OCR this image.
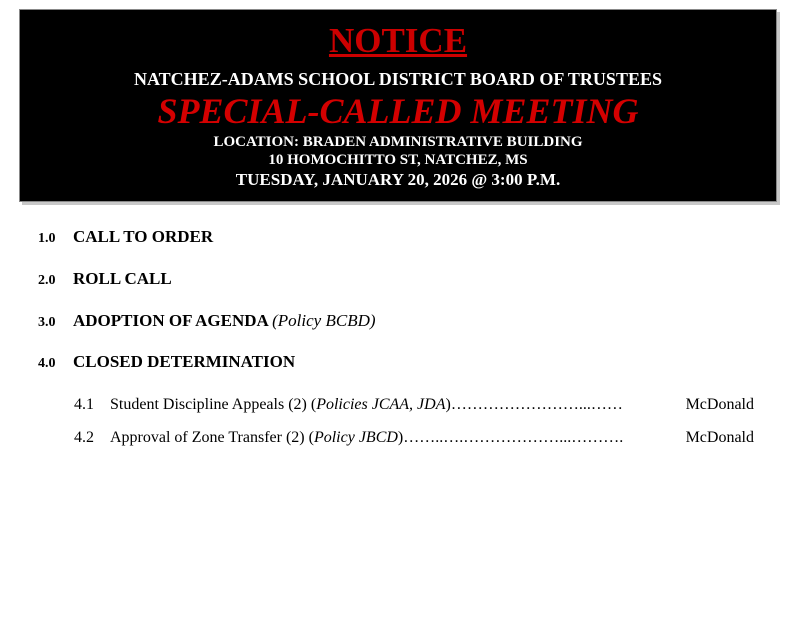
NOTICE
NATCHEZ-ADAMS SCHOOL DISTRICT BOARD OF TRUSTEES
SPECIAL-CALLED MEETING
LOCATION: BRADEN ADMINISTRATIVE BUILDING
10 HOMOCHITTO ST, NATCHEZ, MS
TUESDAY, JANUARY 20, 2026 @ 3:00 P.M.
1.0 CALL TO ORDER
2.0 ROLL CALL
3.0 ADOPTION OF AGENDA (Policy BCBD)
4.0 CLOSED DETERMINATION
4.1	Student Discipline Appeals (2) (Policies JCAA, JDA) ……………………...……	McDonald
4.2	Approval of Zone Transfer (2) (Policy JBCD) ……..….………………...……….	McDonald
